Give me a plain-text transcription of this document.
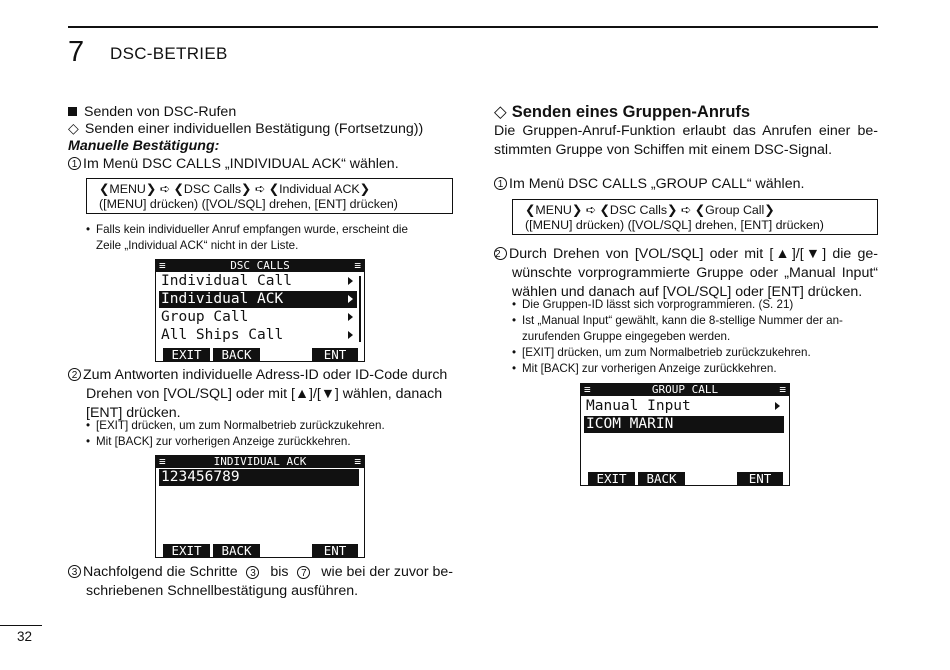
7 DSC-BETRIEB
Senden von DSC-Rufen
◇ Senden einer individuellen Bestätigung (Fortsetzung))
Manuelle Bestätigung:
1 Im Menü DSC CALLS „INDIVIDUAL ACK“ wählen.
❮MENU❯ ➪ ❮DSC Calls❯ ➪ ❮Individual ACK❯
([MENU] drücken) ([VOL/SQL] drehen, [ENT] drücken)
• Falls kein individueller Anruf empfangen wurde, erscheint die
Zeile „Individual ACK“ nicht in der Liste.
≡	DSC CALLS	≡
Individual Call
Individual ACK
Group Call
All Ships Call
EXIT	BACK	ENT
2 Zum Antworten individuelle Adress-ID oder ID-Code durch
Drehen von [VOL/SQL] oder mit [▲]/[▼] wählen, danach
[ENT] drücken.
• [EXIT] drücken, um zum Normalbetrieb zurückzukehren.
• Mit [BACK] zur vorherigen Anzeige zurückkehren.
≡	INDIVIDUAL ACK	≡
123456789
EXIT	BACK	ENT
3 Nachfolgend die Schritte	3 bis	7 wie bei der zuvor be-
schriebenen Schnellbestätigung ausführen.
◇ Senden eines Gruppen-Anrufs
Die Gruppen-Anruf-Funktion erlaubt das Anrufen einer be-
stimmten Gruppe von Schiffen mit einem DSC-Signal.
1 Im Menü DSC CALLS „GROUP CALL“ wählen.
❮MENU❯ ➪ ❮DSC Calls❯ ➪ ❮Group Call❯
([MENU] drücken) ([VOL/SQL] drehen, [ENT] drücken)
2 Durch Drehen von [VOL/SQL] oder mit [▲]/[▼] die ge-
wünschte vorprogrammierte Gruppe oder „Manual Input“
wählen und danach auf [VOL/SQL] oder [ENT] drücken.
• Die Gruppen-ID lässt sich vorprogrammieren. (S. 21)
• Ist „Manual Input“ gewählt, kann die 8-stellige Nummer der an-
zurufenden Gruppe eingegeben werden.
• [EXIT] drücken, um zum Normalbetrieb zurückzukehren.
• Mit [BACK] zur vorherigen Anzeige zurückkehren.
≡	GROUP CALL	≡
Manual Input
ICOM MARIN
EXIT	BACK	ENT
32
